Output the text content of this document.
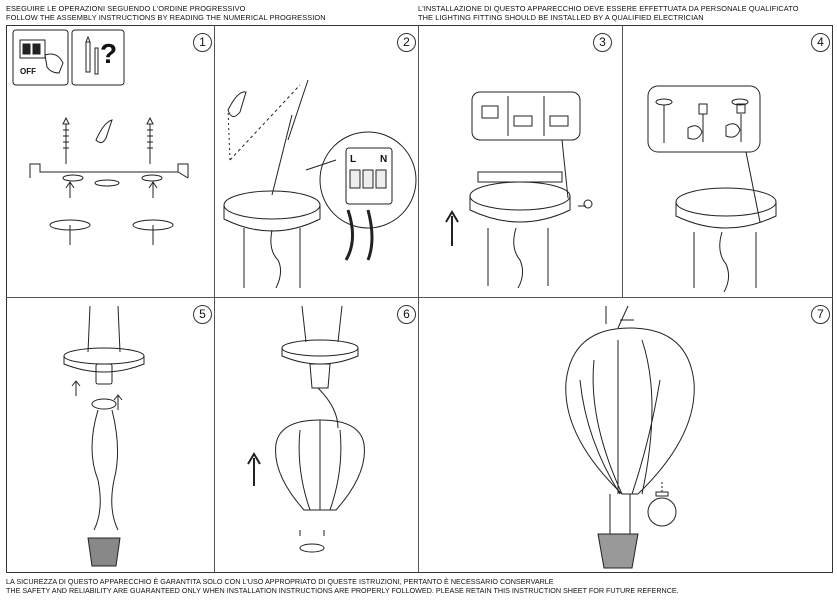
ESEGUIRE LE OPERAZIONI SEGUENDO L'ORDINE PROGRESSIVO
FOLLOW THE ASSEMBLY INSTRUCTIONS BY READING THE NUMERICAL PROGRESSION
L'INSTALLAZIONE DI QUESTO APPARECCHIO DEVE ESSERE EFFETTUATA DA PERSONALE QUALIFICATO
THE LIGHTING FITTING SHOULD BE INSTALLED BY A QUALIFIED ELECTRICIAN
1	2	3	4
5	6	7
OFF
?
L N
LA SICUREZZA DI QUESTO APPARECCHIO È GARANTITA SOLO CON L'USO APPROPRIATO DI QUESTE ISTRUZIONI, PERTANTO È NECESSARIO CONSERVARLE
THE SAFETY AND RELIABILITY ARE GUARANTEED ONLY WHEN INSTALLATION INSTRUCTIONS ARE PROPERLY FOLLOWED. PLEASE RETAIN THIS INSTRUCTION SHEET FOR FUTURE REFERNCE.
